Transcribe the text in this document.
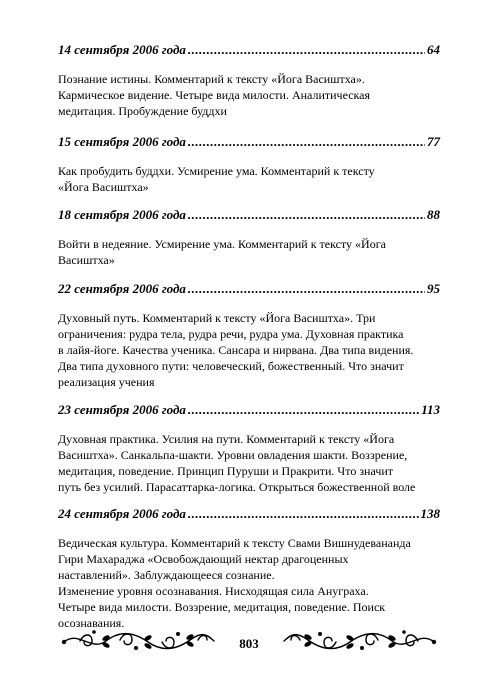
14 сентября 2006 года .....	64

Познание истины. Комментарий к тексту «Йога Васиштха».

Кармическое видение. Четыре вида милости. Аналитическая

медитация. Пробуждение буддхи

15 сентября 2006 года .....	77

Как пробудить буддхи. Усмирение ума. Комментарий к тексту

«Йога Васиштха»

18 сентября 2006 года .....	88

Войти в недеяние. Усмирение ума. Комментарий к тексту «Йога

Васиштха»

22 сентября 2006 года .....	95

Духовный путь. Комментарий к тексту «Йога Васиштха». Три

ограничения: рудра тела, рудра речи, рудра ума. Духовная практика

в лайя-йоге. Качества ученика. Сансара и нирвана. Два типа видения.

Два типа духовного пути: человеческий, божественный. Что значит

реализация учения

23 сентября 2006 года .....	113

Духовная практика. Усилия на пути. Комментарий к тексту «Йога

Васиштха». Санкальпа-шакти. Уровни овладения шакти. Воззрение,

медитация, поведение. Принцип Пуруши и Пракрити. Что значит

путь без усилий. Парасаттарка-логика. Открыться божественной воле

24 сентября 2006 года .....	138

Ведическая культура. Комментарий к тексту Свами Вишнудевананда

Гири Махараджа «Освобождающий нектар драгоценных

наставлений». Заблуждающееся сознание.

Изменение уровня осознавания. Нисходящая сила Ануграха.

Четыре вида милости. Воззрение, медитация, поведение. Поиск

осознавания.

803
